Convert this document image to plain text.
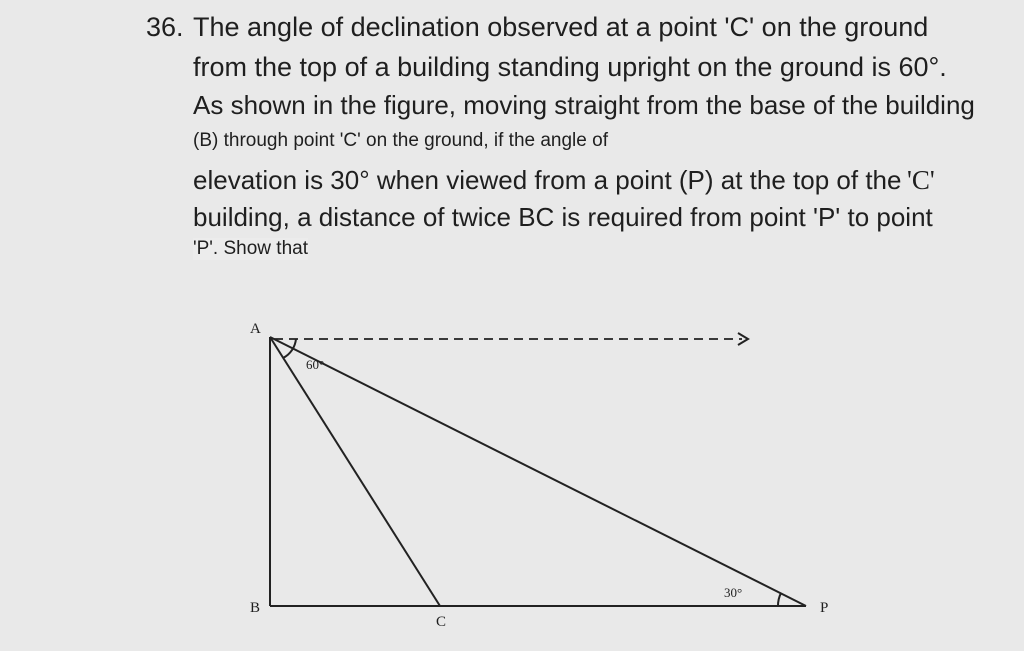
36. The angle of declination observed at a point 'C' on the ground
from the top of a building standing upright on the ground is 60°.
As shown in the figure, moving straight from the base of the building
(B) through point 'C' on the ground, if the angle of
elevation is 30° when viewed from a point (P) at the top of the 'C'
building, a distance of twice BC is required from point 'P' to point
'P'. Show that
A
B
C
P
60°
30°
